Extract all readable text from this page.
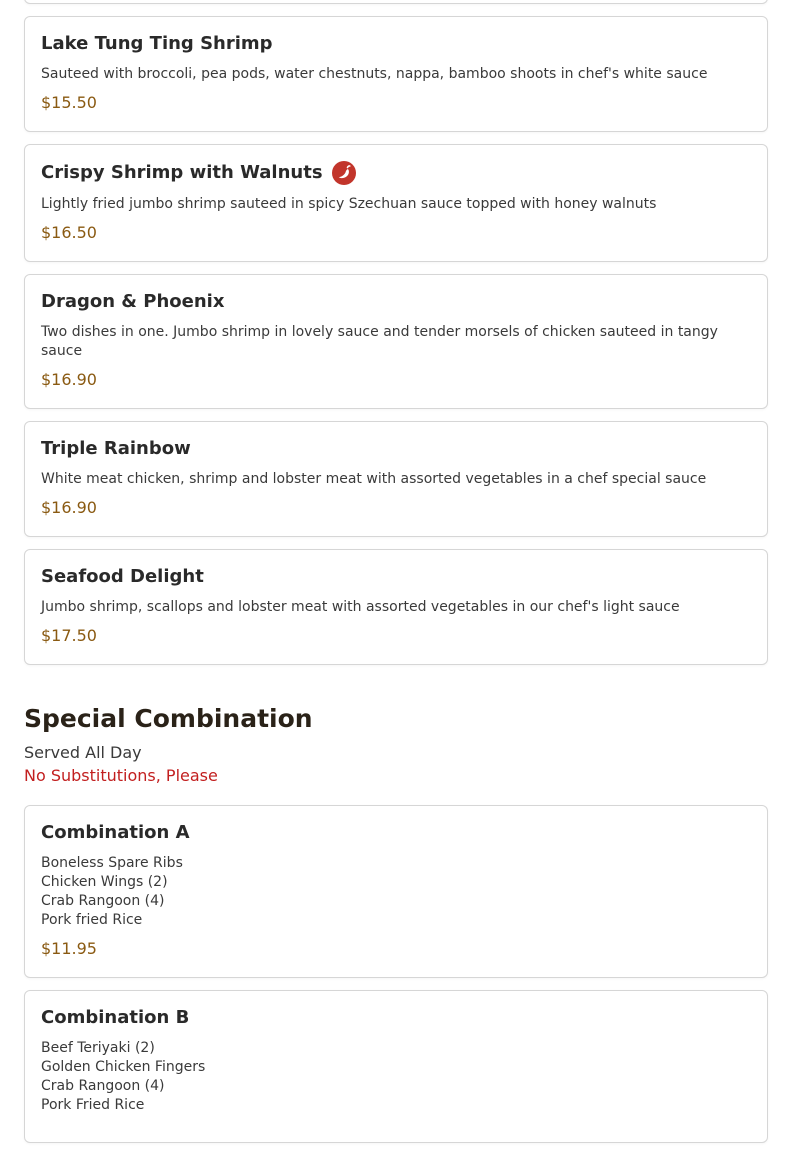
Lake Tung Ting Shrimp
Sauteed with broccoli, pea pods, water chestnuts, nappa, bamboo shoots in chef's white sauce
$15.50
Crispy Shrimp with Walnuts
Lightly fried jumbo shrimp sauteed in spicy Szechuan sauce topped with honey walnuts
$16.50
Dragon & Phoenix
Two dishes in one. Jumbo shrimp in lovely sauce and tender morsels of chicken sauteed in tangy sauce
$16.90
Triple Rainbow
White meat chicken, shrimp and lobster meat with assorted vegetables in a chef special sauce
$16.90
Seafood Delight
Jumbo shrimp, scallops and lobster meat with assorted vegetables in our chef's light sauce
$17.50
Special Combination
Served All Day
No Substitutions, Please
Combination A
Boneless Spare Ribs
Chicken Wings (2)
Crab Rangoon (4)
Pork fried Rice
$11.95
Combination B
Beef Teriyaki (2)
Golden Chicken Fingers
Crab Rangoon (4)
Pork Fried Rice
